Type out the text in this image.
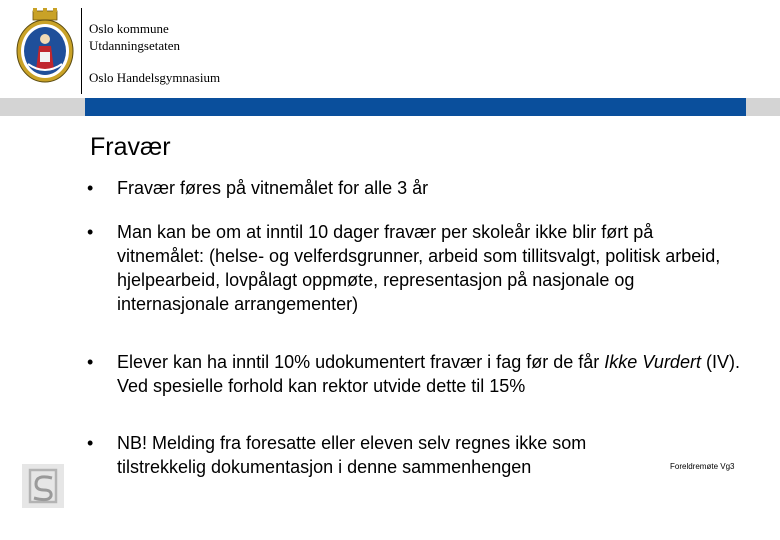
Oslo kommune
Utdanningsetaten
Oslo Handelsgymnasium
Fravær
• Fravær føres på vitnemålet for alle 3 år
• Man kan be om at inntil 10 dager fravær per skoleår ikke blir ført på vitnemålet: (helse- og velferdsgrunner, arbeid som tillitsvalgt, politisk arbeid, hjelpearbeid, lovpålagt oppmøte, representasjon på nasjonale og internasjonale arrangementer)
• Elever kan ha inntil 10% udokumentert fravær i fag før de får Ikke Vurdert (IV). Ved spesielle forhold kan rektor utvide dette til 15%
• NB! Melding fra foresatte eller eleven selv regnes ikke som tilstrekkelig dokumentasjon i denne sammenhengen	Foreldremøte Vg3
